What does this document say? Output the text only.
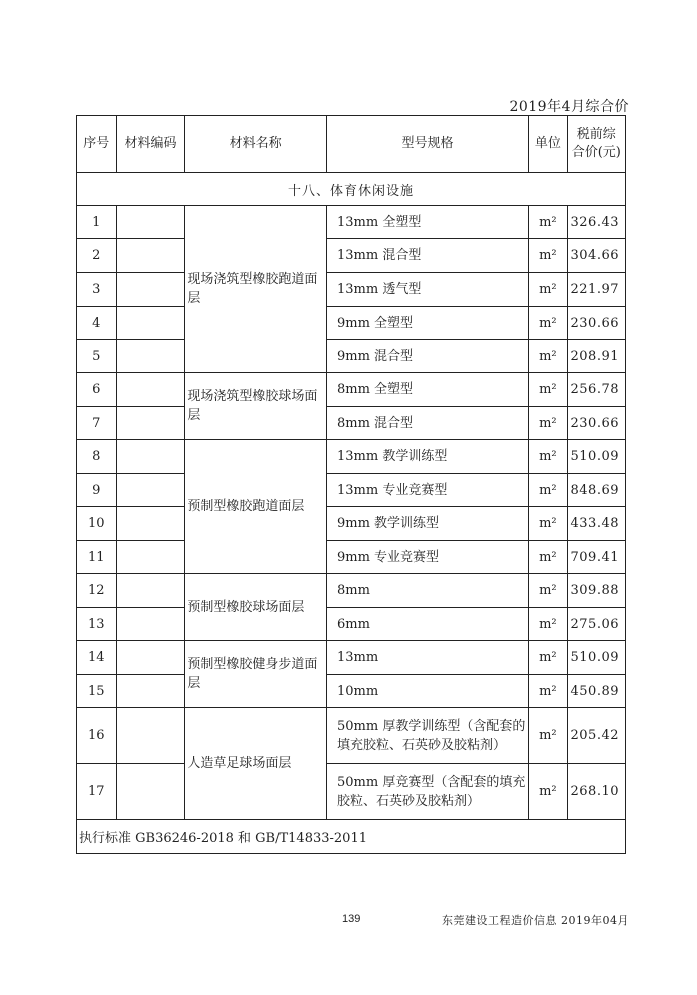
2019年4月综合价
序号	材料编码	材料名称	型号规格	单位	税前综
合价(元)

十八、体育休闲设施					
1		现场浇筑型橡胶跑道面层	13mm 全塑型	m²	326.43
2			13mm 混合型	m²	304.66
3			13mm 透气型	m²	221.97
4			9mm 全塑型	m²	230.66
5			9mm 混合型	m²	208.91
6		现场浇筑型橡胶球场面层	8mm 全塑型	m²	256.78
7			8mm 混合型	m²	230.66
8		预制型橡胶跑道面层	13mm 教学训练型	m²	510.09
9			13mm 专业竞赛型	m²	848.69
10			9mm 教学训练型	m²	433.48
11			9mm 专业竞赛型	m²	709.41
12		预制型橡胶球场面层	8mm	m²	309.88
13			6mm	m²	275.06
14		预制型橡胶健身步道面层	13mm	m²	510.09
15			10mm	m²	450.89
16		人造草足球场面层	50mm 厚教学训练型（含配套的填充胶粒、石英砂及胶粘剂）	m²	205.42
17			50mm 厚竞赛型（含配套的填充胶粒、石英砂及胶粘剂）	m²	268.10
执行标准 GB36246-2018 和 GB/T14833-2011					
139	东莞建设工程造价信息 2019年04月
